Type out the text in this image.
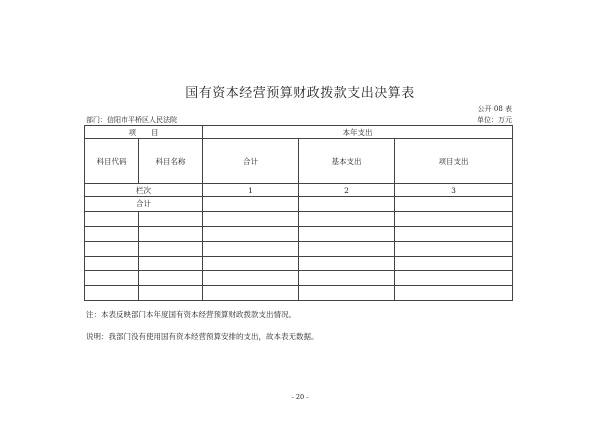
国有资本经营预算财政拨款支出决算表
公开 08 表
部门：信阳市平桥区人民法院	单位：万元
项　　目		本年支出		
科目代码	科目名称	合计	基本支出	项目支出
栏次		1	2	3
合计				

注：本表反映部门本年度国有资本经营预算财政拨款支出情况。
说明：我部门没有使用国有资本经营预算安排的支出，故本表无数据。
- 20 -
